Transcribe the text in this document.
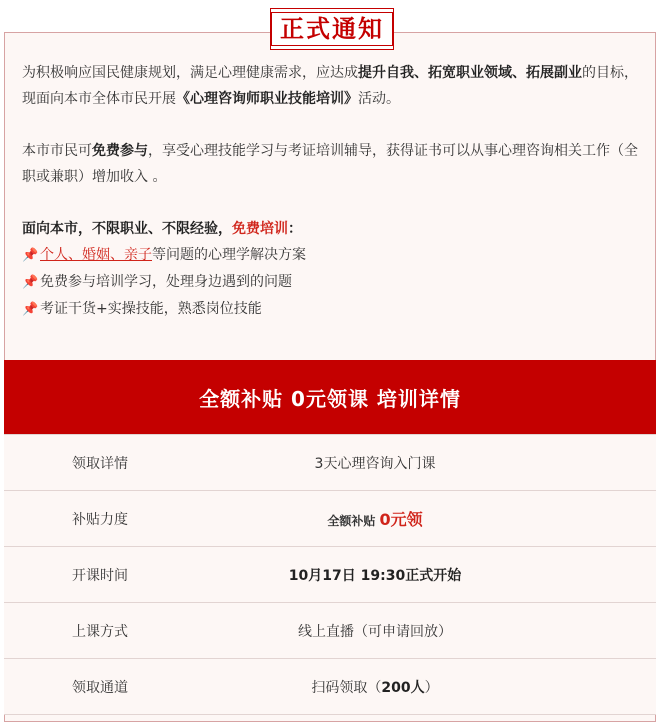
正式通知

为积极响应国民健康规划，满足心理健康需求，应达成提升自我、拓宽职业领域、拓展副业的目标，现面向本市全体市民开展《心理咨询师职业技能培训》活动。

本市市民可免费参与，享受心理技能学习与考证培训辅导，获得证书可以从事心理咨询相关工作（全职或兼职）增加收入 。

面向本市，不限职业、不限经验，免费培训：

📌 个人、婚姻、亲子等问题的心理学解决方案

📌 免费参与培训学习，处理身边遇到的问题

📌 考证干货+实操技能，熟悉岗位技能

全额补贴 0元领课 培训详情
领取详情	3天心理咨询入门课
补贴力度	全额补贴 0元领
开课时间	10月17日 19:30正式开始
上课方式	线上直播（可申请回放）
领取通道	扫码领取（200人）
